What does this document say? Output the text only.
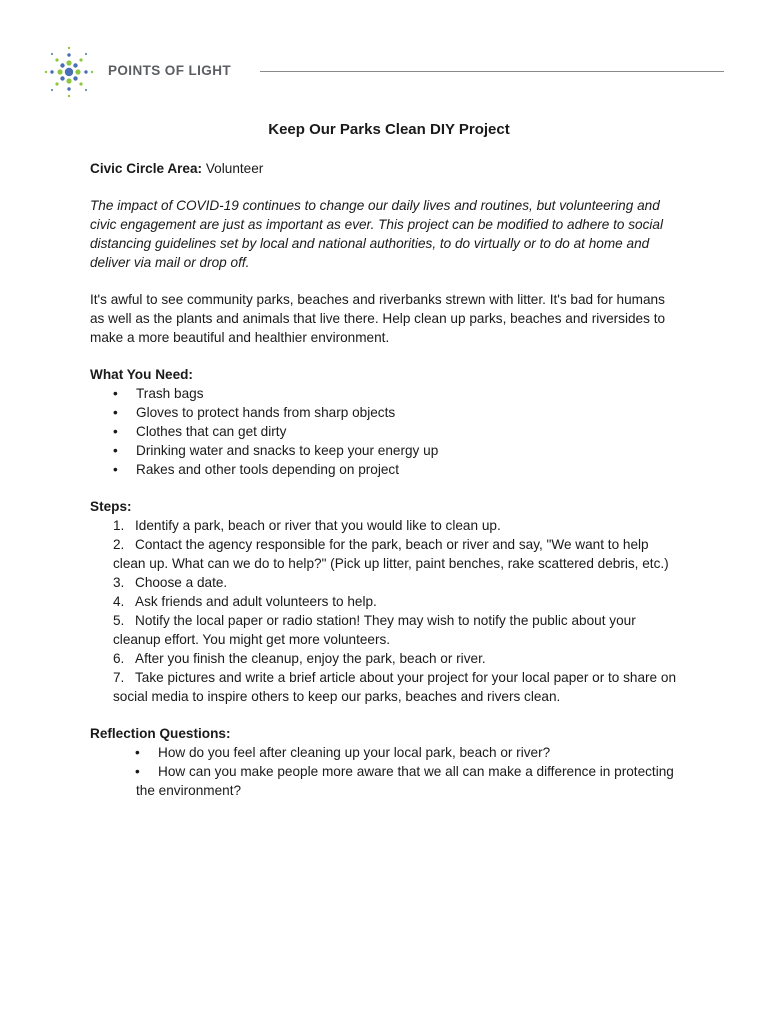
POINTS OF LIGHT
Keep Our Parks Clean DIY Project

Civic Circle Area: Volunteer

The impact of COVID-19 continues to change our daily lives and routines, but volunteering and civic engagement are just as important as ever. This project can be modified to adhere to social distancing guidelines set by local and national authorities, to do virtually or to do at home and deliver via mail or drop off.

It's awful to see community parks, beaches and riverbanks strewn with litter. It's bad for humans as well as the plants and animals that live there. Help clean up parks, beaches and riversides to make a more beautiful and healthier environment.

What You Need:

• Trash bags
• Gloves to protect hands from sharp objects
• Clothes that can get dirty
• Drinking water and snacks to keep your energy up
• Rakes and other tools depending on project

Steps:

1. Identify a park, beach or river that you would like to clean up.
2. Contact the agency responsible for the park, beach or river and say, "We want to help clean up. What can we do to help?" (Pick up litter, paint benches, rake scattered debris, etc.)
3. Choose a date.
4. Ask friends and adult volunteers to help.
5. Notify the local paper or radio station! They may wish to notify the public about your cleanup effort. You might get more volunteers.
6. After you finish the cleanup, enjoy the park, beach or river.
7. Take pictures and write a brief article about your project for your local paper or to share on social media to inspire others to keep our parks, beaches and rivers clean.

Reflection Questions:

• How do you feel after cleaning up your local park, beach or river?
• How can you make people more aware that we all can make a difference in protecting the environment?
